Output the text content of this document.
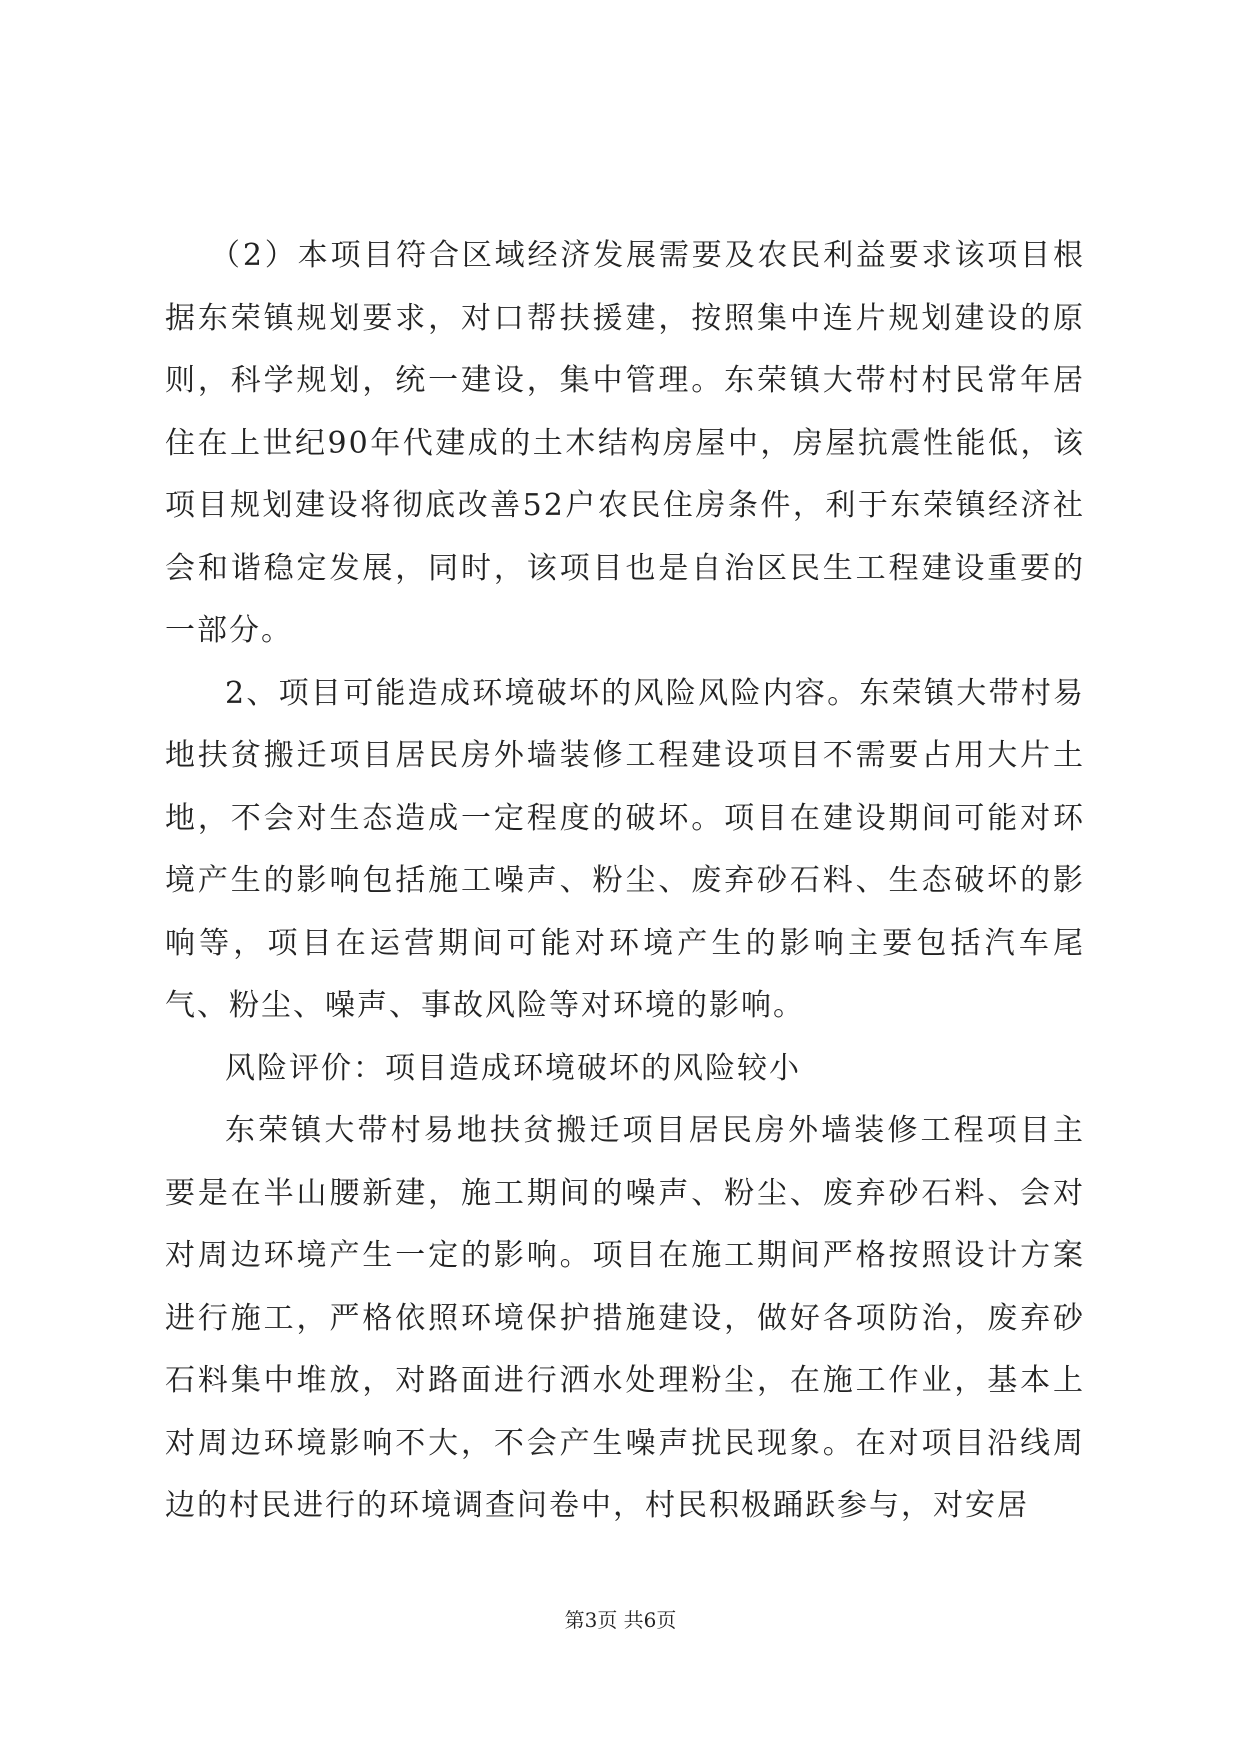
（2）本项目符合区域经济发展需要及农民利益要求该项目根据东荣镇规划要求，对口帮扶援建，按照集中连片规划建设的原则，科学规划，统一建设，集中管理。东荣镇大带村村民常年居住在上世纪90年代建成的土木结构房屋中，房屋抗震性能低，该项目规划建设将彻底改善52户农民住房条件，利于东荣镇经济社会和谐稳定发展，同时，该项目也是自治区民生工程建设重要的一部分。

2、项目可能造成环境破坏的风险风险内容。东荣镇大带村易地扶贫搬迁项目居民房外墙装修工程建设项目不需要占用大片土地，不会对生态造成一定程度的破坏。项目在建设期间可能对环境产生的影响包括施工噪声、粉尘、废弃砂石料、生态破坏的影响等，项目在运营期间可能对环境产生的影响主要包括汽车尾气、粉尘、噪声、事故风险等对环境的影响。

风险评价：项目造成环境破坏的风险较小

东荣镇大带村易地扶贫搬迁项目居民房外墙装修工程项目主要是在半山腰新建，施工期间的噪声、粉尘、废弃砂石料、会对对周边环境产生一定的影响。项目在施工期间严格按照设计方案进行施工，严格依照环境保护措施建设，做好各项防治，废弃砂石料集中堆放，对路面进行洒水处理粉尘，在施工作业，基本上对周边环境影响不大，不会产生噪声扰民现象。在对项目沿线周边的村民进行的环境调查问卷中，村民积极踊跃参与，对安居

第3页 共6页
